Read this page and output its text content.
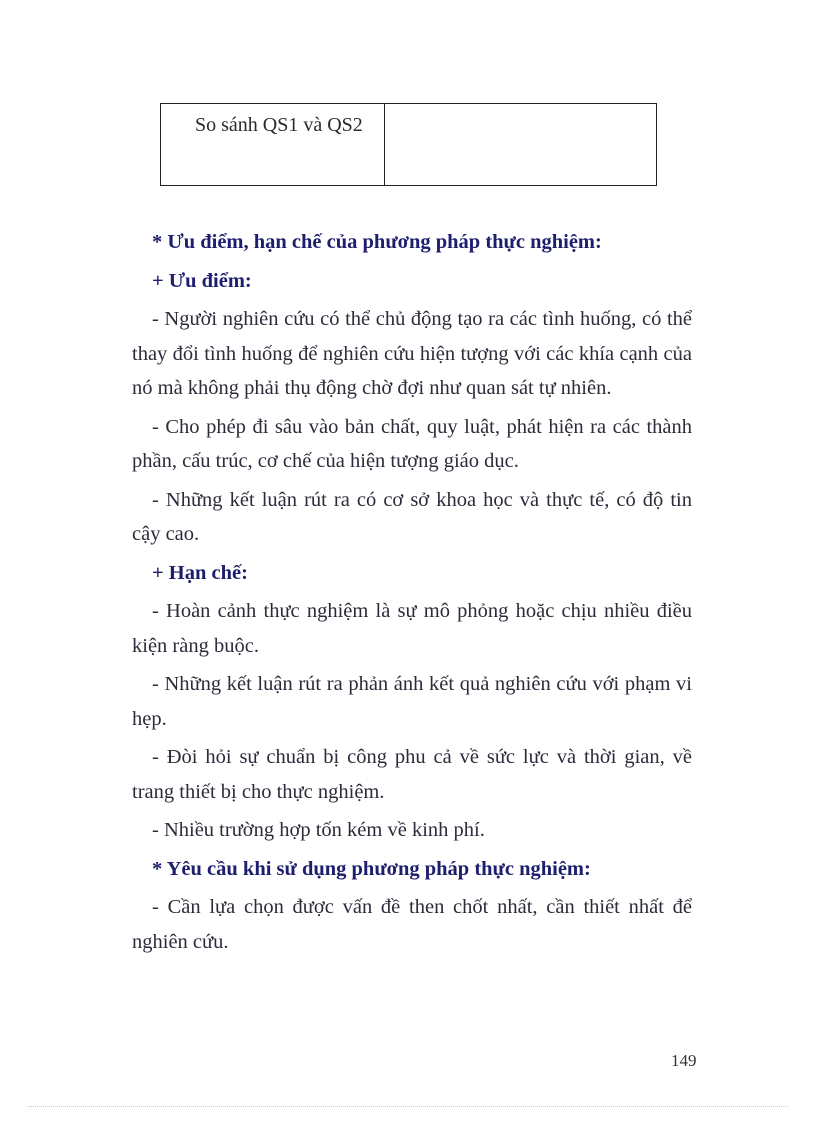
So sánh QS1 và QS2

* Ưu điểm, hạn chế của phương pháp thực nghiệm:

+ Ưu điểm:

- Người nghiên cứu có thể chủ động tạo ra các tình huống, có thể thay đổi tình huống để nghiên cứu hiện tượng với các khía cạnh của nó mà không phải thụ động chờ đợi như quan sát tự nhiên.

- Cho phép đi sâu vào bản chất, quy luật, phát hiện ra các thành phần, cấu trúc, cơ chế của hiện tượng giáo dục.

- Những kết luận rút ra có cơ sở khoa học và thực tế, có độ tin cậy cao.

+ Hạn chế:

- Hoàn cảnh thực nghiệm là sự mô phỏng hoặc chịu nhiều điều kiện ràng buộc.

- Những kết luận rút ra phản ánh kết quả nghiên cứu với phạm vi hẹp.

- Đòi hỏi sự chuẩn bị công phu cả về sức lực và thời gian, về trang thiết bị cho thực nghiệm.

- Nhiều trường hợp tốn kém về kinh phí.

* Yêu cầu khi sử dụng phương pháp thực nghiệm:

- Cần lựa chọn được vấn đề then chốt nhất, cần thiết nhất để nghiên cứu.

149
